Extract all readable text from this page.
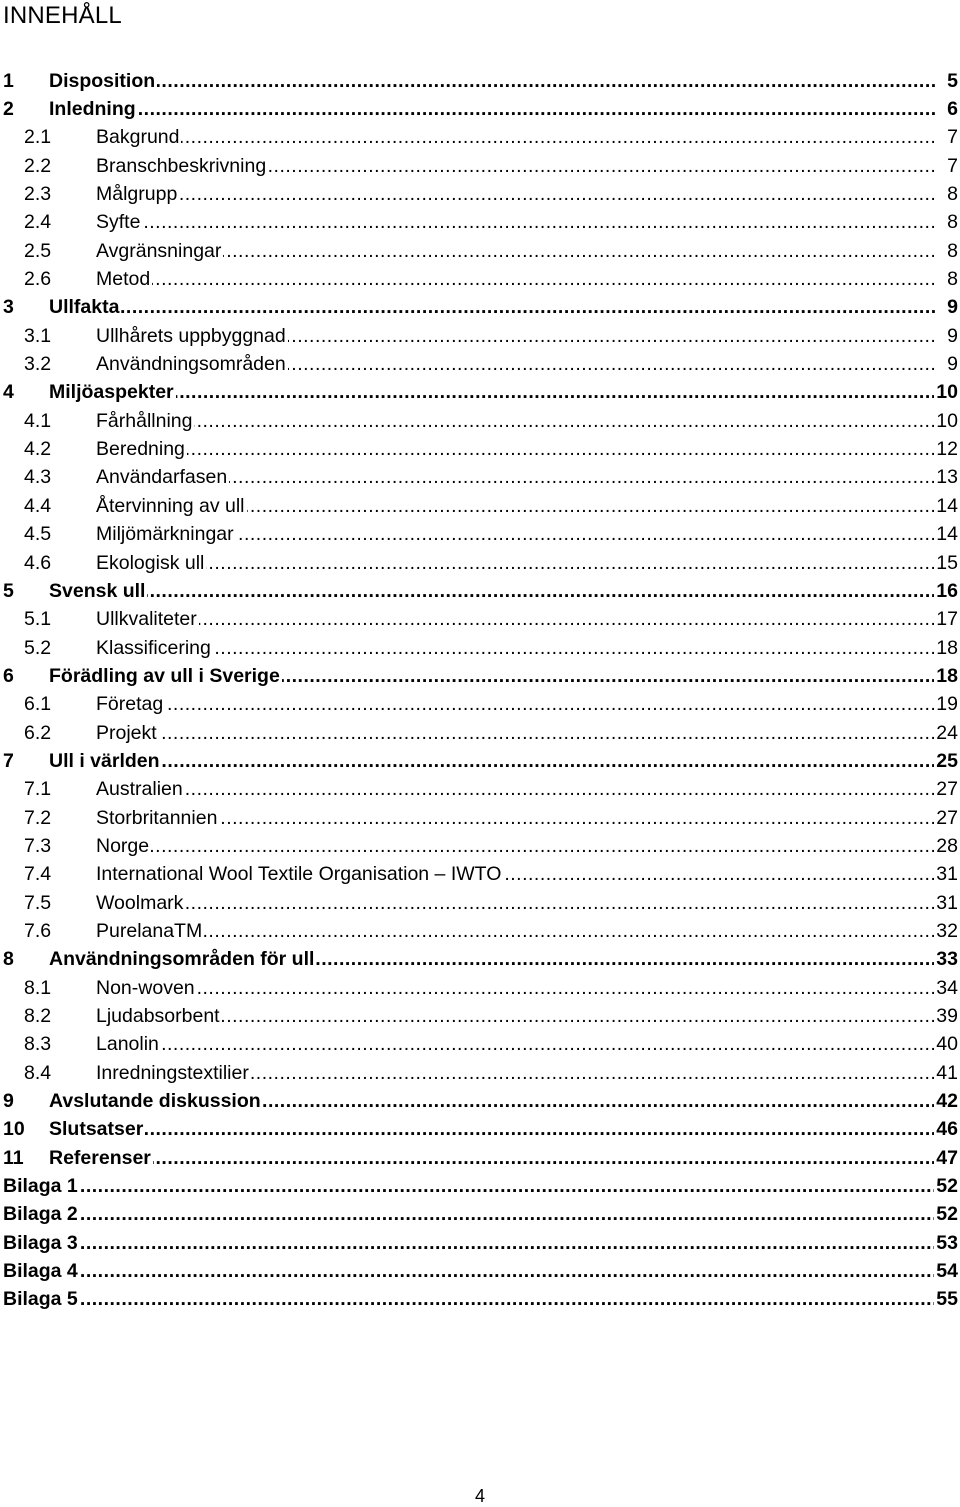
INNEHÅLL
1 Disposition .....	5
2 Inledning .....	6
2.1 Bakgrund .....	7
2.2 Branschbeskrivning .....	7
2.3 Målgrupp .....	8
2.4 Syfte .....	8
2.5 Avgränsningar .....	8
2.6 Metod .....	8
3 Ullfakta .....	9
3.1 Ullhårets uppbyggnad .....	9
3.2 Användningsområden .....	9
4 Miljöaspekter .....	10
4.1 Fårhållning .....	10
4.2 Beredning .....	12
4.3 Användarfasen .....	13
4.4 Återvinning av ull .....	14
4.5 Miljömärkningar .....	14
4.6 Ekologisk ull .....	15
5 Svensk ull .....	16
5.1 Ullkvaliteter .....	17
5.2 Klassificering .....	18
6 Förädling av ull i Sverige .....	18
6.1 Företag .....	19
6.2 Projekt .....	24
7 Ull i världen .....	25
7.1 Australien .....	27
7.2 Storbritannien .....	27
7.3 Norge .....	28
7.4 International Wool Textile Organisation – IWTO .....	31
7.5 Woolmark .....	31
7.6 PurelanaTM .....	32
8 Användningsområden för ull .....	33
8.1 Non-woven .....	34
8.2 Ljudabsorbent .....	39
8.3 Lanolin .....	40
8.4 Inredningstextilier .....	41
9 Avslutande diskussion .....	42
10 Slutsatser .....	46
11 Referenser .....	47
Bilaga 1 .....	52
Bilaga 2 .....	52
Bilaga 3 .....	53
Bilaga 4 .....	54
Bilaga 5 .....	55
4
